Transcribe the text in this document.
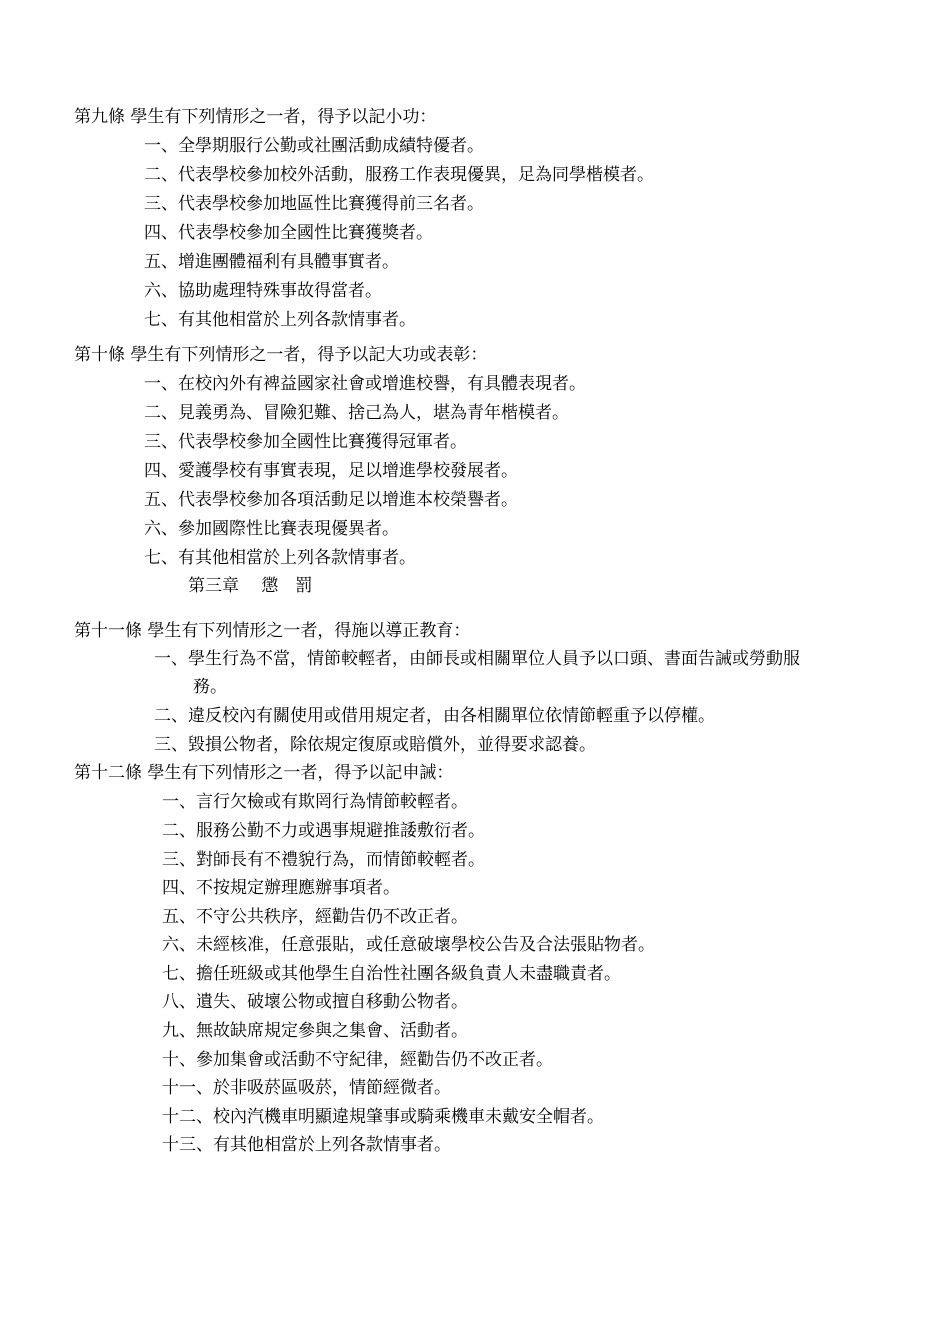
第九條 學生有下列情形之一者，得予以記小功：
一、全學期服行公勤或社團活動成績特優者。
二、代表學校參加校外活動，服務工作表現優異，足為同學楷模者。
三、代表學校參加地區性比賽獲得前三名者。
四、代表學校參加全國性比賽獲獎者。
五、增進團體福利有具體事實者。
六、協助處理特殊事故得當者。
七、有其他相當於上列各款情事者。
第十條 學生有下列情形之一者，得予以記大功或表彰：
一、在校內外有裨益國家社會或增進校譽，有具體表現者。
二、見義勇為、冒險犯難、捨己為人，堪為青年楷模者。
三、代表學校參加全國性比賽獲得冠軍者。
四、愛護學校有事實表現，足以增進學校發展者。
五、代表學校參加各項活動足以增進本校榮譽者。
六、參加國際性比賽表現優異者。
七、有其他相當於上列各款情事者。
第三章　 懲　罰
第十一條 學生有下列情形之一者，得施以導正教育：
一、學生行為不當，情節較輕者，由師長或相關單位人員予以口頭、書面告誡或勞動服
務。
二、違反校內有關使用或借用規定者，由各相關單位依情節輕重予以停權。
三、毀損公物者，除依規定復原或賠償外，並得要求認養。
第十二條 學生有下列情形之一者，得予以記申誡：
一、言行欠檢或有欺罔行為情節較輕者。
二、服務公勤不力或遇事規避推諉敷衍者。
三、對師長有不禮貌行為，而情節較輕者。
四、不按規定辦理應辦事項者。
五、不守公共秩序，經勸告仍不改正者。
六、未經核准，任意張貼，或任意破壞學校公告及合法張貼物者。
七、擔任班級或其他學生自治性社團各級負責人未盡職責者。
八、遺失、破壞公物或擅自移動公物者。
九、無故缺席規定參與之集會、活動者。
十、參加集會或活動不守紀律，經勸告仍不改正者。
十一、於非吸菸區吸菸，情節經微者。
十二、校內汽機車明顯違規肇事或騎乘機車未戴安全帽者。
十三、有其他相當於上列各款情事者。
